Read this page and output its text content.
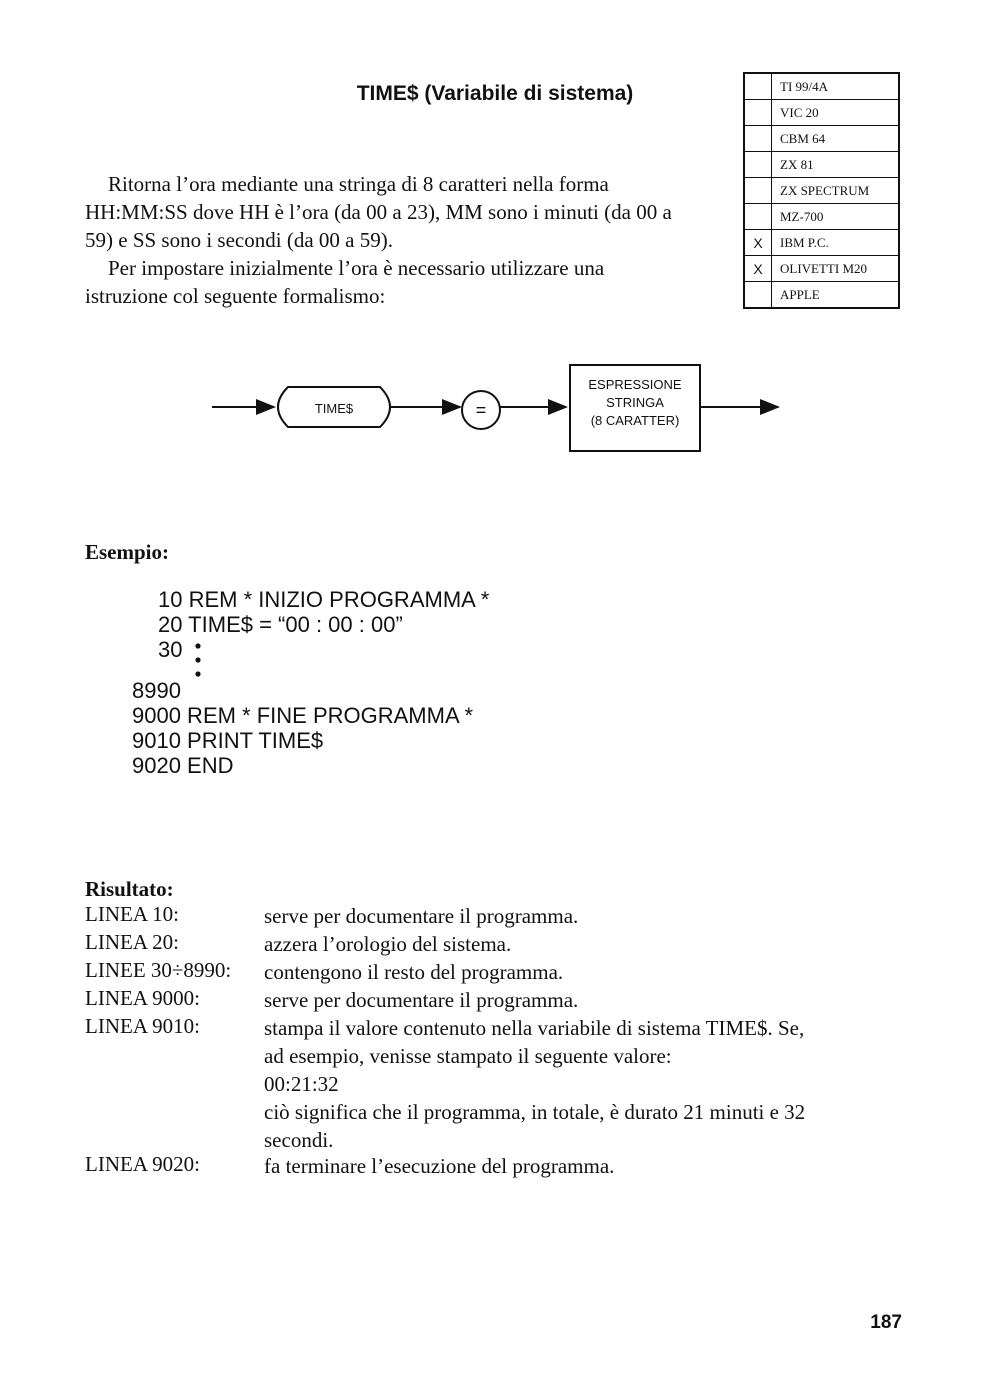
TIME$ (Variabile di sistema)

Ritorna l’ora mediante una stringa di 8 caratteri nella forma HH:MM:SS dove HH è l’ora (da 00 a 23), MM sono i minuti (da 00 a 59) e SS sono i secondi (da 00 a 59).

Per impostare inizialmente l’ora è necessario utilizzare una istruzione col seguente formalismo:

	TI 99/4A
	VIC 20
	CBM 64
	ZX 81
	ZX SPECTRUM
	MZ-700
X	IBM P.C.
X	OLIVETTI M20
	APPLE
TIME$	=
ESPRESSIONE
STRINGA
(8 CARATTER)
Esempio:
10 REM * INIZIO PROGRAMMA *
20 TIME$ = “00 : 00 : 00”
30
8990
9000 REM * FINE PROGRAMMA *
9010 PRINT TIME$
9020 END
Risultato:
LINEA 10:	serve per documentare il programma.
LINEA 20:	azzera l’orologio del sistema.
LINEE 30÷8990: contengono il resto del programma.
LINEA 9000:	serve per documentare il programma.
LINEA 9010:	stampa il valore contenuto nella variabile di sistema TIME$. Se,
ad esempio, venisse stampato il seguente valore:
00:21:32
ciò significa che il programma, in totale, è durato 21 minuti e 32
secondi.
LINEA 9020:	fa terminare l’esecuzione del programma.
187
